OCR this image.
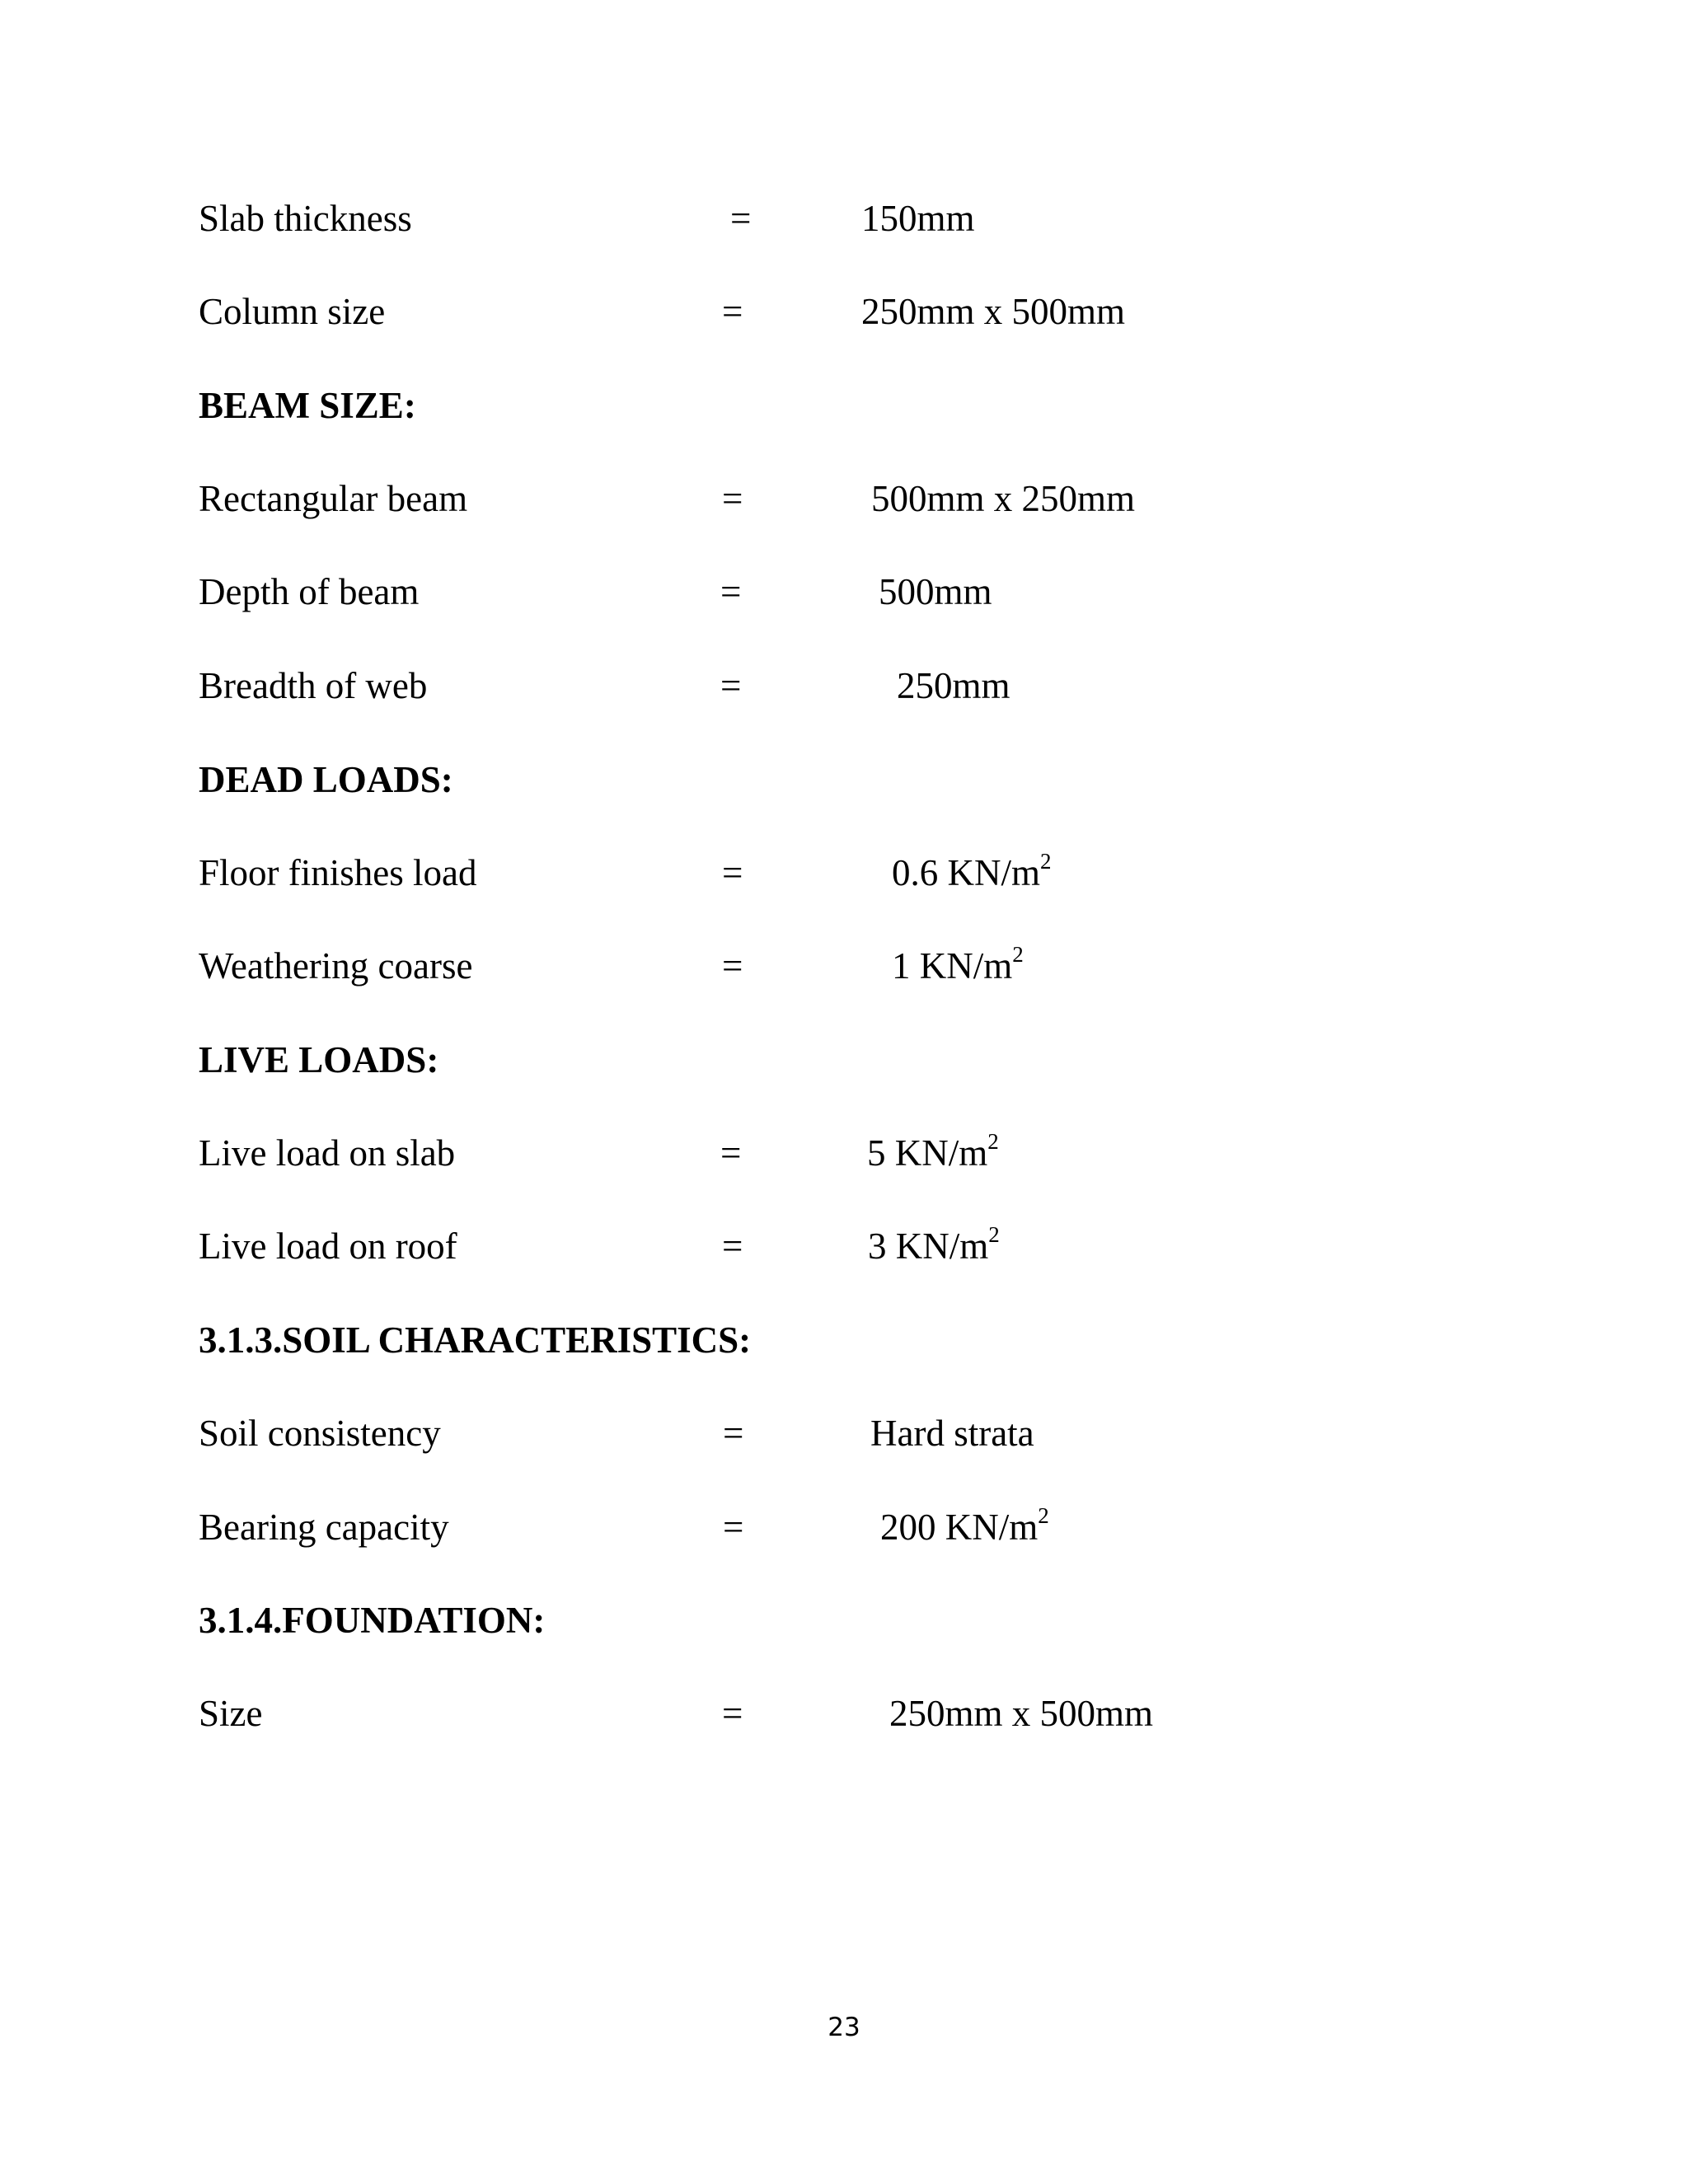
Slab thickness	=	150mm
Column size	=	250mm x 500mm
BEAM SIZE:
Rectangular beam	=	500mm x 250mm
Depth of beam	=	500mm
Breadth of web	=	250mm
DEAD LOADS:
Floor finishes load	=	0.6 $KN/m^2$
Weathering coarse	=	1 $KN/m^2$
LIVE LOADS:
Live load on slab	=	5 $KN/m^2$
Live load on roof	=	3 $KN/m^2$
3.1.3.SOIL CHARACTERISTICS:
Soil consistency	=	Hard strata
Bearing capacity	=	200 $KN/m^2$
3.1.4.FOUNDATION:
Size	=	250mm x 500mm
23
